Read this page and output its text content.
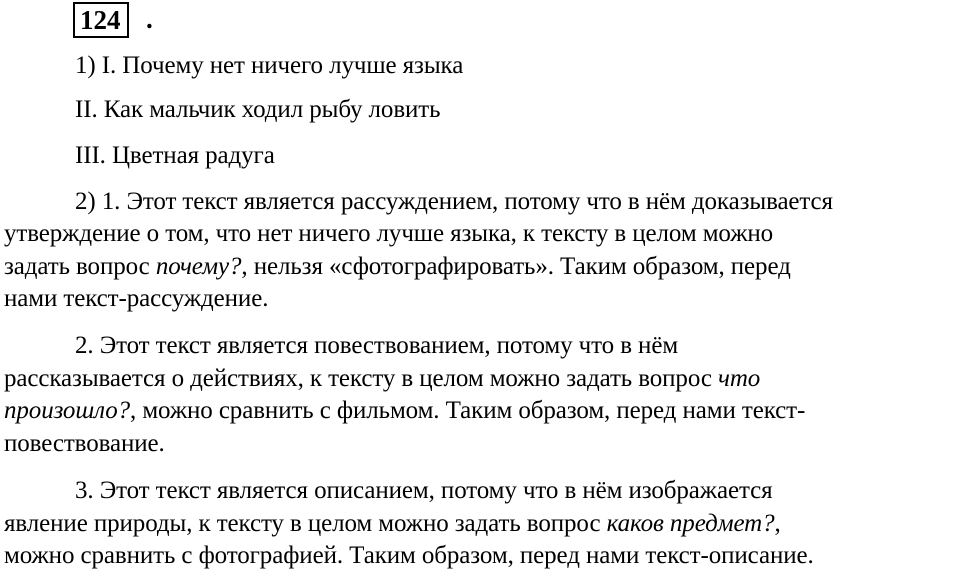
124 .
1) I. Почему нет ничего лучше языка
II. Как мальчик ходил рыбу ловить
III. Цветная радуга
2) 1. Этот текст является рассуждением, потому что в нём доказывается
утверждение о том, что нет ничего лучше языка, к тексту в целом можно
задать вопрос почему?, нельзя «сфотографировать». Таким образом, перед
нами текст-рассуждение.
2. Этот текст является повествованием, потому что в нём
рассказывается о действиях, к тексту в целом можно задать вопрос что
произошло?, можно сравнить с фильмом. Таким образом, перед нами текст-
повествование.
3. Этот текст является описанием, потому что в нём изображается
явление природы, к тексту в целом можно задать вопрос каков предмет?,
можно сравнить с фотографией. Таким образом, перед нами текст-описание.
